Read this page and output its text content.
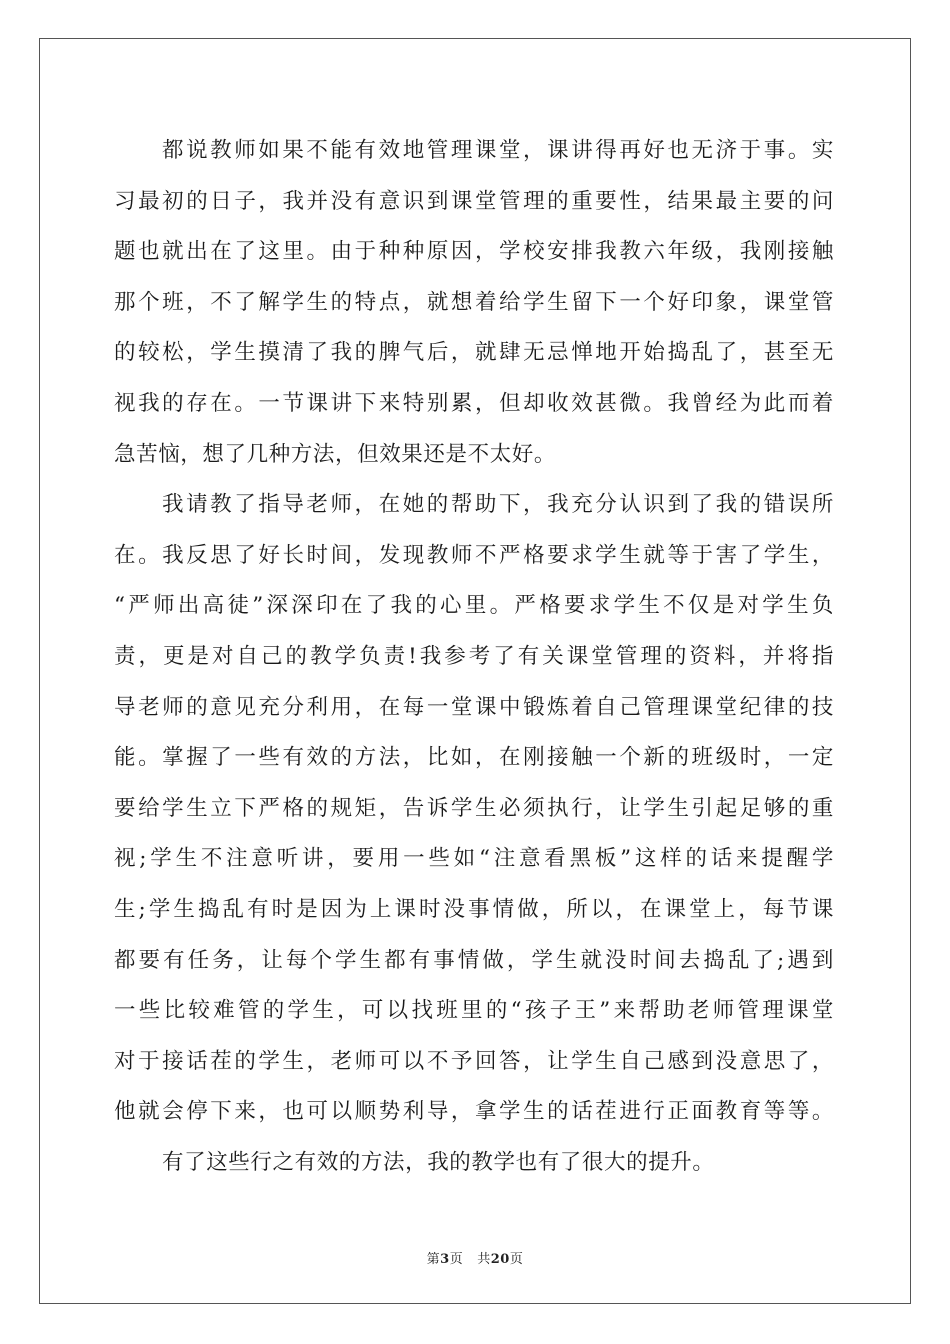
都说教师如果不能有效地管理课堂，课讲得再好也无济于事。实
习最初的日子，我并没有意识到课堂管理的重要性，结果最主要的问
题也就出在了这里。由于种种原因，学校安排我教六年级，我刚接触
那个班，不了解学生的特点，就想着给学生留下一个好印象，课堂管
的较松，学生摸清了我的脾气后，就肆无忌惮地开始捣乱了，甚至无
视我的存在。一节课讲下来特别累，但却收效甚微。我曾经为此而着
急苦恼，想了几种方法，但效果还是不太好。
我请教了指导老师，在她的帮助下，我充分认识到了我的错误所
在。我反思了好长时间，发现教师不严格要求学生就等于害了学生，
“严师出高徒”深深印在了我的心里。严格要求学生不仅是对学生负
责，更是对自己的教学负责!我参考了有关课堂管理的资料，并将指
导老师的意见充分利用，在每一堂课中锻炼着自己管理课堂纪律的技
能。掌握了一些有效的方法，比如，在刚接触一个新的班级时，一定
要给学生立下严格的规矩，告诉学生必须执行，让学生引起足够的重
视;学生不注意听讲，要用一些如“注意看黑板”这样的话来提醒学
生;学生捣乱有时是因为上课时没事情做，所以，在课堂上，每节课
都要有任务，让每个学生都有事情做，学生就没时间去捣乱了;遇到
一些比较难管的学生，可以找班里的“孩子王”来帮助老师管理课堂
对于接话茬的学生，老师可以不予回答，让学生自己感到没意思了，
他就会停下来，也可以顺势利导，拿学生的话茬进行正面教育等等。
有了这些行之有效的方法，我的教学也有了很大的提升。
第3页 共20页
